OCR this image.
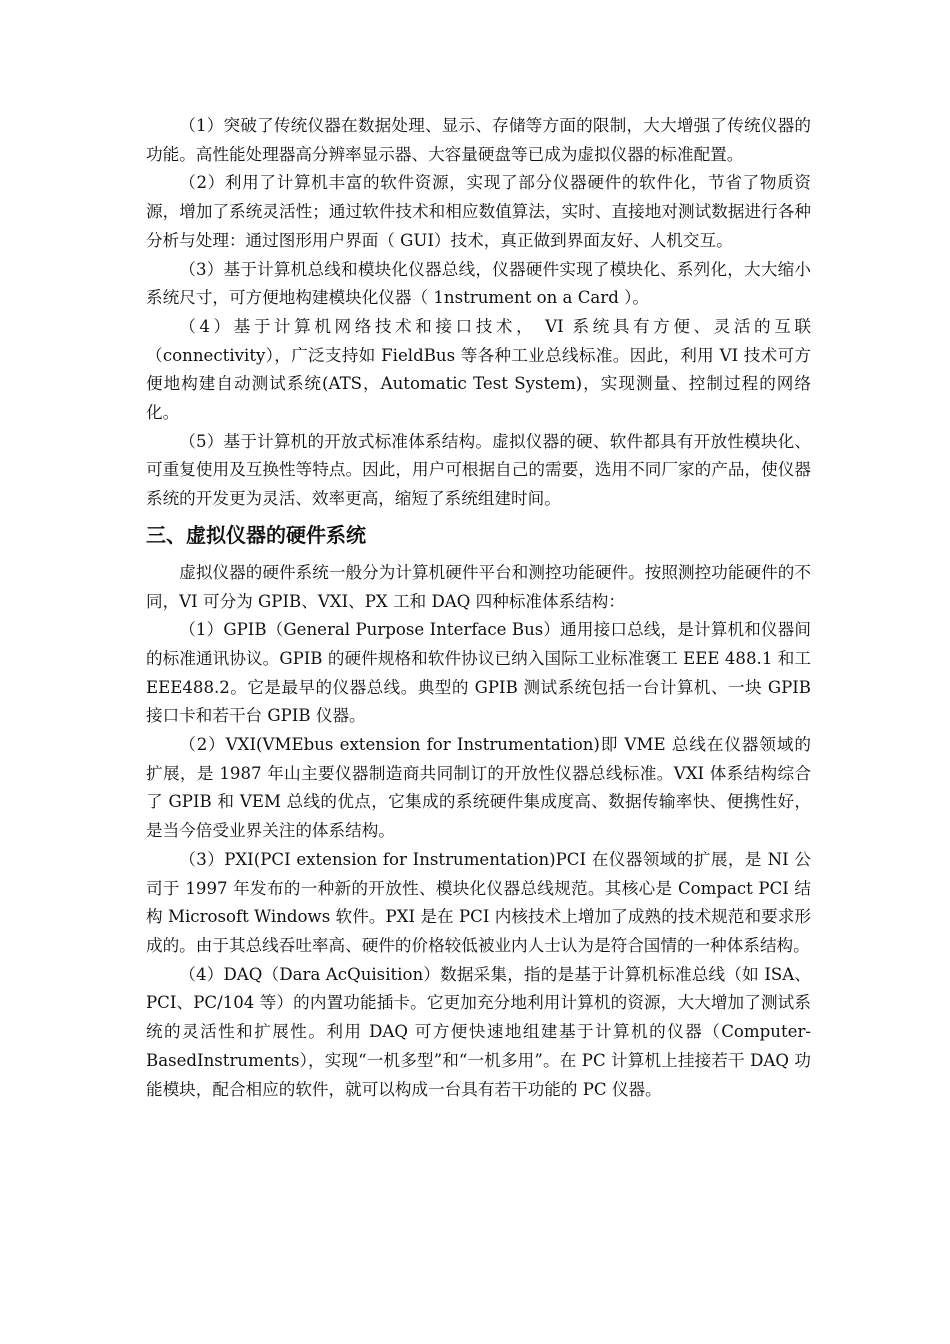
（1）突破了传统仪器在数据处理、显示、存储等方面的限制，大大增强了传统仪器的功能。高性能处理器高分辨率显示器、大容量硬盘等已成为虚拟仪器的标准配置。

（2）利用了计算机丰富的软件资源，实现了部分仪器硬件的软件化，节省了物质资源，增加了系统灵活性；通过软件技术和相应数值算法，实时、直接地对测试数据进行各种分析与处理：通过图形用户界面（ GUI）技术，真正做到界面友好、人机交互。

（3）基于计算机总线和模块化仪器总线，仪器硬件实现了模块化、系列化，大大缩小系统尺寸，可方便地构建模块化仪器（ 1nstrument on a Card ）。

（4）基于计算机网络技术和接口技术， VI 系统具有方便、灵活的互联（connectivity），广泛支持如 FieldBus 等各种工业总线标准。因此，利用 VI 技术可方便地构建自动测试系统(ATS，Automatic Test System)，实现测量、控制过程的网络化。

（5）基于计算机的开放式标准体系结构。虚拟仪器的硬、软件都具有开放性模块化、可重复使用及互换性等特点。因此，用户可根据自己的需要，选用不同厂家的产品，使仪器系统的开发更为灵活、效率更高，缩短了系统组建时间。

三、虚拟仪器的硬件系统

虚拟仪器的硬件系统一般分为计算机硬件平台和测控功能硬件。按照测控功能硬件的不同，VI 可分为 GPIB、VXI、PX 工和 DAQ 四种标准体系结构：

（1）GPIB（General Purpose Interface Bus）通用接口总线，是计算机和仪器间的标准通讯协议。GPIB 的硬件规格和软件协议已纳入国际工业标准褒工 EEE 488.1 和工 EEE488.2。它是最早的仪器总线。典型的 GPIB 测试系统包括一台计算机、一块 GPIB 接口卡和若干台 GPIB 仪器。

（2）VXI(VMEbus extension for Instrumentation)即 VME 总线在仪器领域的扩展，是 1987 年山主要仪器制造商共同制订的开放性仪器总线标准。VXI 体系结构综合了 GPIB 和 VEM 总线的优点，它集成的系统硬件集成度高、数据传输率快、便携性好，是当今倍受业界关注的体系结构。

（3）PXI(PCI extension for Instrumentation)PCI 在仪器领域的扩展，是 NI 公司于 1997 年发布的一种新的开放性、模块化仪器总线规范。其核心是 Compact PCI 结构 Microsoft Windows 软件。PXI 是在 PCI 内核技术上增加了成熟的技术规范和要求形成的。由于其总线吞吐率高、硬件的价格较低被业内人士认为是符合国情的一种体系结构。

（4）DAQ（Dara AcQuisition）数据采集，指的是基于计算机标准总线（如 ISA、PCI、PC/104 等）的内置功能插卡。它更加充分地利用计算机的资源，大大增加了测试系统的灵活性和扩展性。利用 DAQ 可方便快速地组建基于计算机的仪器（Computer-BasedInstruments），实现“一机多型”和“一机多用”。在 PC 计算机上挂接若干 DAQ 功能模块，配合相应的软件，就可以构成一台具有若干功能的 PC 仪器。
